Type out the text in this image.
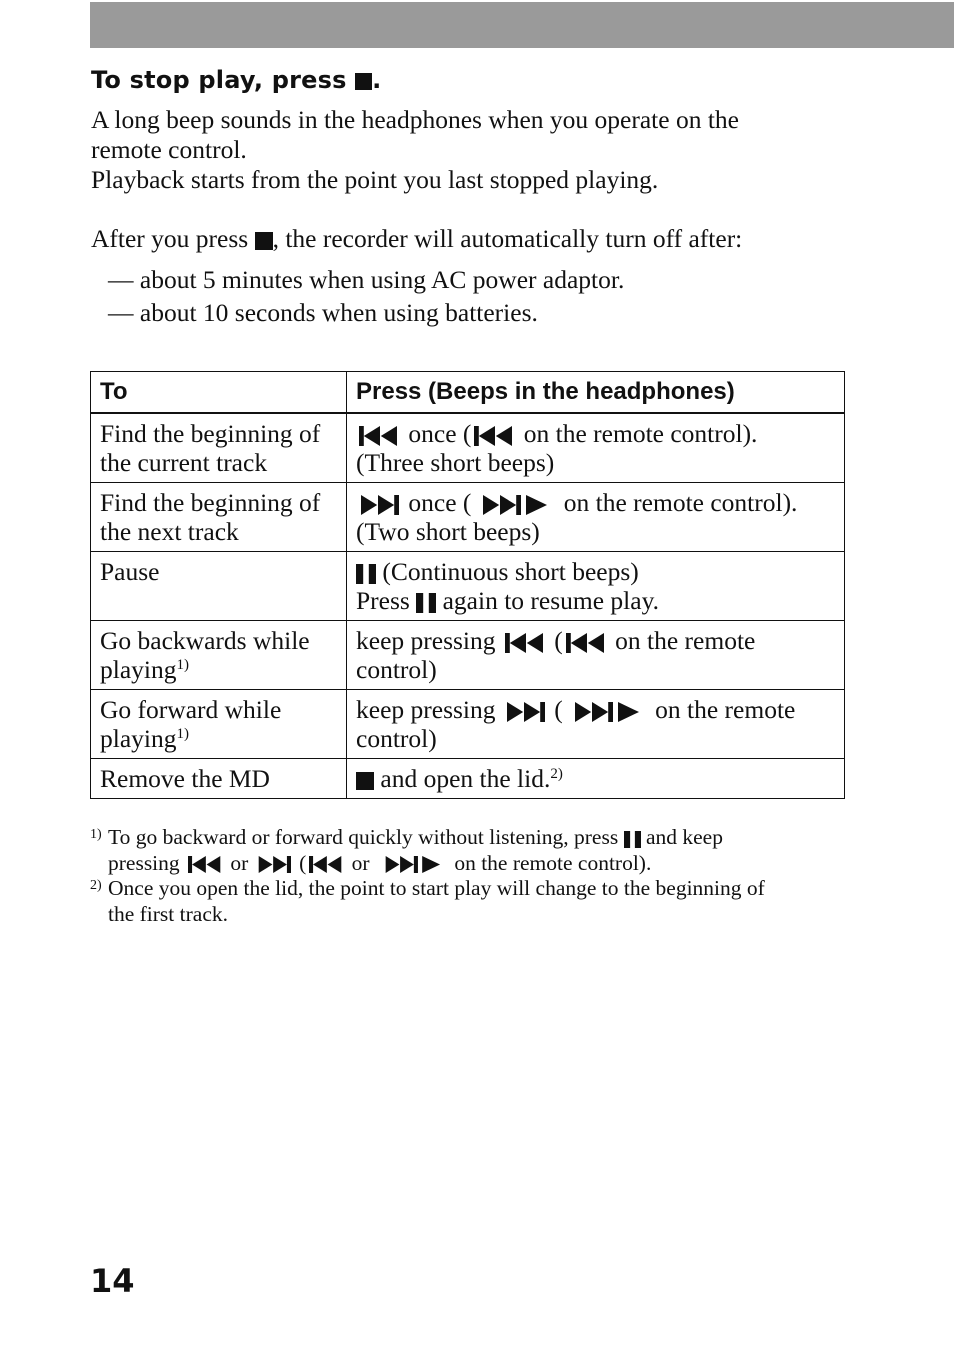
To stop play, press
.
A long beep sounds in the headphones when you operate on the
remote control.
Playback starts from the point you last stopped playing.
After you press
, the recorder will automatically turn off after:
— about 5 minutes when using AC power adaptor.
— about 10 seconds when using batteries.
To	Press (Beeps in the headphones)

Find the beginning of
the current track	once (
on the remote control).
(Three short beeps)

Find the beginning of
the next track	once ( on the remote control).
(Two short beeps)

Pause	(Continuous short beeps)
Press
again to resume play.

Go backwards while
playing$^{1)}$	keep pressing
(
on the remote
control)

Go forward while
playing$^{1)}$	keep pressing
( on the remote
control)

Remove the MD	and open the lid.$^{2)}$
1) To go backward or forward quickly without listening, press
and keep
pressing
or
(
or	on the remote control).
2) Once you open the lid, the point to start play will change to the beginning of
the first track.
14
